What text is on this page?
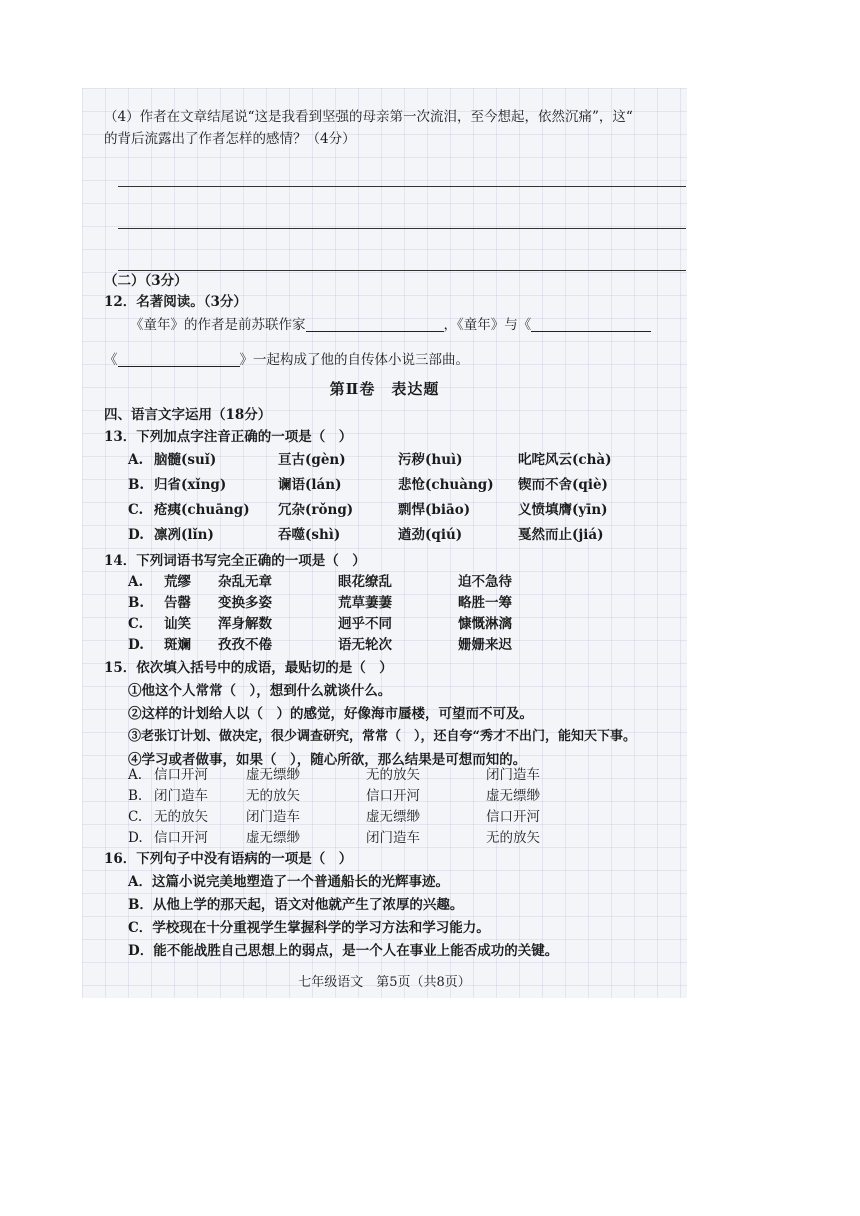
（4）作者在文章结尾说“这是我看到坚强的母亲第一次流泪，至今想起，依然沉痛”，这“
的背后流露出了作者怎样的感情？（4分）
（二）（3分）
12．名著阅读。（3分）
《童年》的作者是前苏联作家	，《童年》与《
《	》一起构成了他的自传体小说三部曲。
第Ⅱ卷　表达题
四、语言文字运用（18分）
13．下列加点字注音正确的一项是（　）
A. 脑髓(suǐ)	亘古(gèn)	污秽(huì)	叱咤风云(chà)
B. 归省(xǐng)	谰语(lán)	悲怆(chuàng) 锲而不舍(qiè)
C. 疮痍(chuāng) 冗杂(rǒng)	剽悍(biāo)	义愤填膺(yīn)
D. 凛冽(lǐn)	吞噬(shì)	遒劲(qiú)	戛然而止(jiá)
14．下列词语书写完全正确的一项是（　）
A. 荒缪 杂乱无章	眼花缭乱	迫不急待
B. 告罄 变换多姿	荒草萋萋	略胜一筹
C. 讪笑 浑身解数	迥乎不同	慷慨淋漓
D. 斑斓 孜孜不倦	语无轮次	姗姗来迟
15．依次填入括号中的成语，最贴切的是（　）
①他这个人常常（　），想到什么就谈什么。
②这样的计划给人以（　）的感觉，好像海市蜃楼，可望而不可及。
③老张订计划、做决定，很少调查研究，常常（　），还自夸“秀才不出门，能知天下事。
④学习或者做事，如果（　），随心所欲，那么结果是可想而知的。
A. 信口开河	虚无缥缈	无的放矢	闭门造车
B. 闭门造车	无的放矢	信口开河	虚无缥缈
C. 无的放矢	闭门造车	虚无缥缈	信口开河
D. 信口开河	虚无缥缈	闭门造车	无的放矢
16．下列句子中没有语病的一项是（　）
A．这篇小说完美地塑造了一个普通船长的光辉事迹。
B．从他上学的那天起，语文对他就产生了浓厚的兴趣。
C．学校现在十分重视学生掌握科学的学习方法和学习能力。
D．能不能战胜自己思想上的弱点，是一个人在事业上能否成功的关键。
七年级语文　第5页（共8页）
